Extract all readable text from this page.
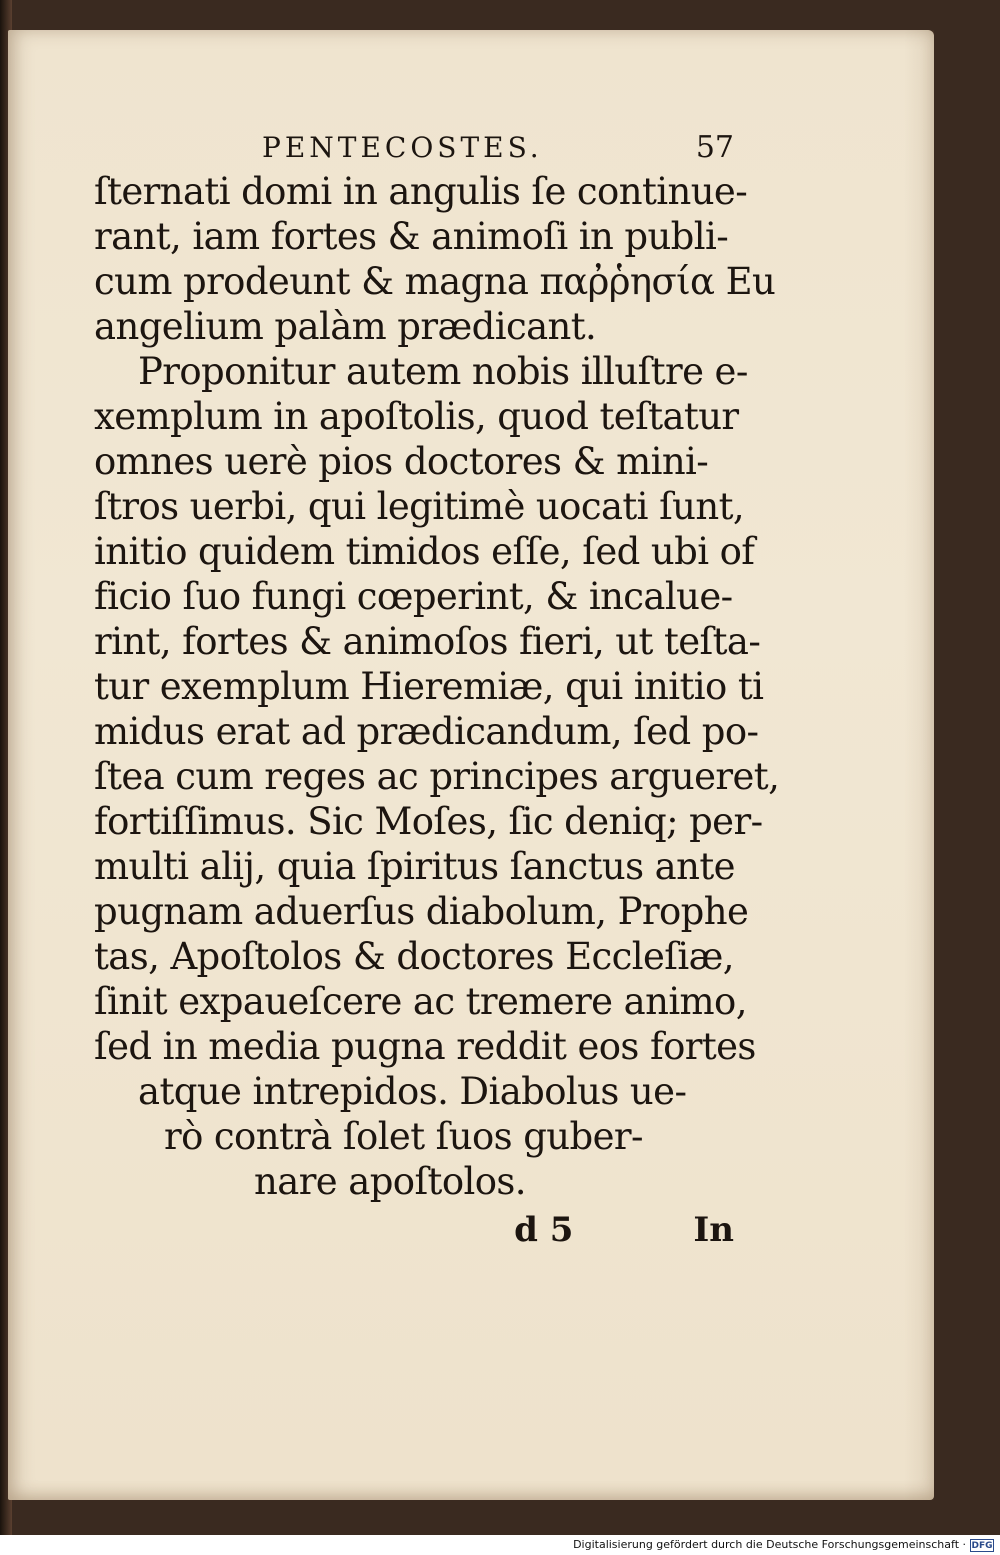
PENTECOSTES.	57
ſternati domi in angulis ſe continue-
rant, iam fortes & animoſi in publi-
cum prodeunt & magna παῤῥησία Eu
angelium palàm prædicant.
Proponitur autem nobis illuſtre e-
xemplum in apoſtolis, quod teſtatur
omnes uerè pios doctores & mini-
ſtros uerbi, qui legitimè uocati ſunt,
initio quidem timidos eſſe, ſed ubi of
ficio ſuo fungi cœperint, & incalue-
rint, fortes & animoſos fieri, ut teſta-
tur exemplum Hieremiæ, qui initio ti
midus erat ad prædicandum, ſed po-
ſtea cum reges ac principes argueret,
fortiſſimus. Sic Moſes, ſic deniq; per-
multi alij, quia ſpiritus ſanctus ante
pugnam aduerſus diabolum, Prophe
tas, Apoſtolos & doctores Eccleſiæ,
ſinit expaueſcere ac tremere animo,
ſed in media pugna reddit eos fortes
atque intrepidos. Diabolus ue-
rò contrà ſolet ſuos guber-
nare apoſtolos.
d 5	In
Digitalisierung gefördert durch die Deutsche Forschungsgemeinschaft · DFG
